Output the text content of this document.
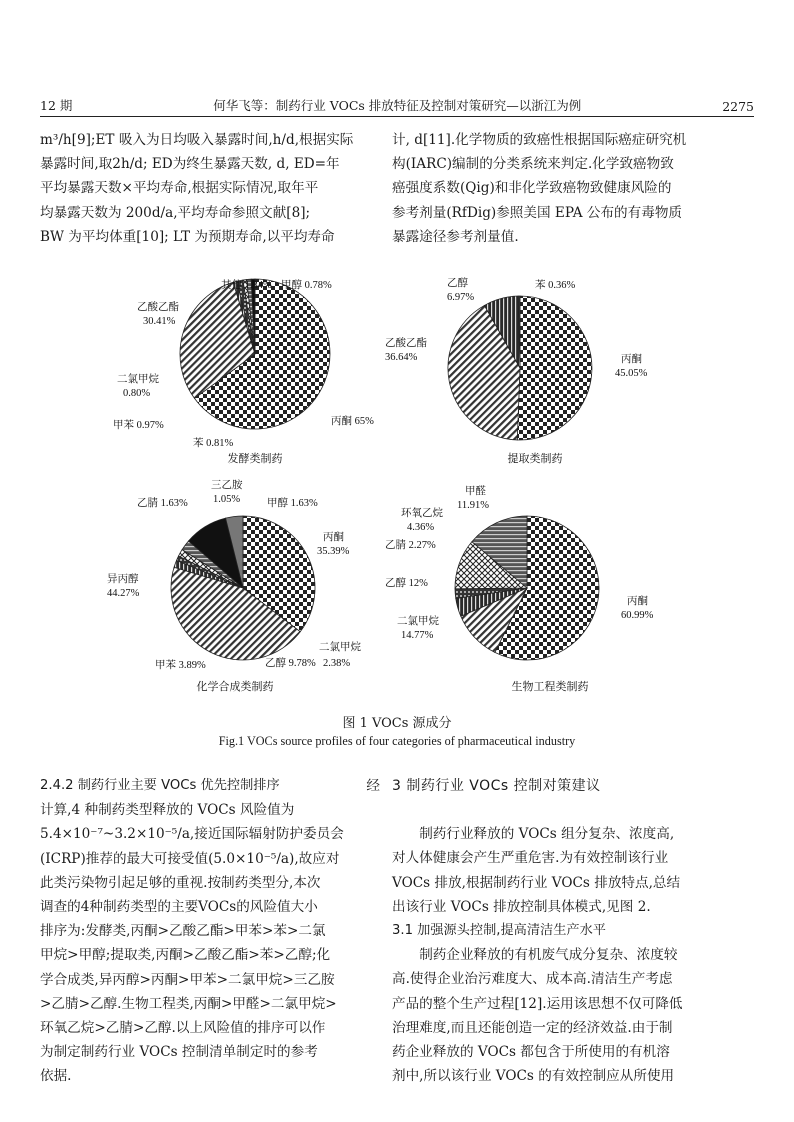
12 期	何华飞等：制药行业 VOCs 排放特征及控制对策研究—以浙江为例	2275

m³/h[9];ET 吸入为日均吸入暴露时间,h/d,根据实际

暴露时间,取2h/d; ED为终生暴露天数, d, ED=年

平均暴露天数×平均寿命,根据实际情况,取年平

均暴露天数为 200d/a,平均寿命参照文献[8];

BW 为平均体重[10]; LT 为预期寿命,以平均寿命

计, d[11].化学物质的致癌性根据国际癌症研究机

构(IARC)编制的分类系统来判定.化学致癌物致

癌强度系数(Qig)和非化学致癌物致健康风险的

参考剂量(RfDig)参照美国 EPA 公布的有毒物质

暴露途径参考剂量值.

其他 1.34% 甲醇 0.78%
乙酸乙酯
30.41%
二氯甲烷
0.80%
甲苯 0.97%
苯 0.81%
丙酮 65%
发酵类制药
乙醇
6.97%
苯 0.36%
乙酸乙酯
36.64%	丙酮
45.05%
提取类制药
三乙胺
1.05%
乙腈 1.63%	甲醇 1.63%
丙酮
35.39%
异丙醇
44.27%
二氯甲烷
2.38%
乙醇 9.78%
甲苯 3.89%
化学合成类制药
甲醛
11.91%
环氧乙烷
4.36%
乙腈 2.27%
乙醇 12%
二氯甲烷
14.77%
丙酮
60.99%
生物工程类制药
图 1 VOCs 源成分
Fig.1 VOCs source profiles of four categories of pharmaceutical industry

2.4.2 制药行业主要 VOCs 优先控制排序	经

计算,4 种制药类型释放的 VOCs 风险值为

5.4×10⁻⁷~3.2×10⁻⁵/a,接近国际辐射防护委员会

(ICRP)推荐的最大可接受值(5.0×10⁻⁵/a),故应对

此类污染物引起足够的重视.按制药类型分,本次

调查的4种制药类型的主要VOCs的风险值大小

排序为:发酵类,丙酮>乙酸乙酯>甲苯>苯>二氯

甲烷>甲醇;提取类,丙酮>乙酸乙酯>苯>乙醇;化

学合成类,异丙醇>丙酮>甲苯>二氯甲烷>三乙胺

>乙腈>乙醇.生物工程类,丙酮>甲醛>二氯甲烷>

环氧乙烷>乙腈>乙醇.以上风险值的排序可以作

为制定制药行业 VOCs 控制清单制定时的参考

依据.

3 制药行业 VOCs 控制对策建议

制药行业释放的 VOCs 组分复杂、浓度高,

对人体健康会产生严重危害.为有效控制该行业

VOCs 排放,根据制药行业 VOCs 排放特点,总结

出该行业 VOCs 排放控制具体模式,见图 2.

3.1 加强源头控制,提高清洁生产水平

制药企业释放的有机废气成分复杂、浓度较

高.使得企业治污难度大、成本高.清洁生产考虑

产品的整个生产过程[12].运用该思想不仅可降低

治理难度,而且还能创造一定的经济效益.由于制

药企业释放的 VOCs 都包含于所使用的有机溶

剂中,所以该行业 VOCs 的有效控制应从所使用
